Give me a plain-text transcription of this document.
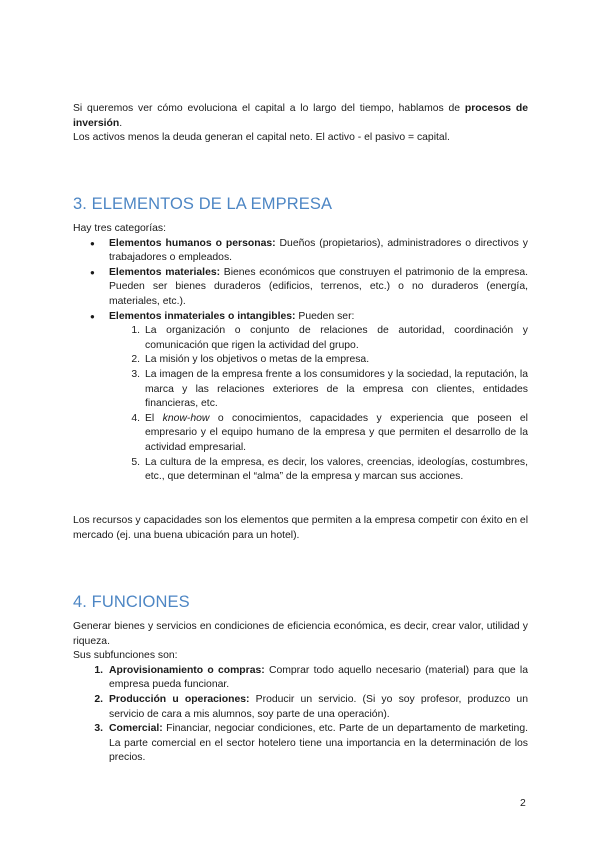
Si queremos ver cómo evoluciona el capital a lo largo del tiempo, hablamos de procesos de inversión.

Los activos menos la deuda generan el capital neto. El activo - el pasivo = capital.

3. ELEMENTOS DE LA EMPRESA

Hay tres categorías:

● Elementos humanos o personas: Dueños (propietarios), administradores o directivos y trabajadores o empleados.
● Elementos materiales: Bienes económicos que construyen el patrimonio de la empresa. Pueden ser bienes duraderos (edificios, terrenos, etc.) o no duraderos (energía, materiales, etc.).
● Elementos inmateriales o intangibles: Pueden ser:
1. La organización o conjunto de relaciones de autoridad, coordinación y comunicación que rigen la actividad del grupo.
2. La misión y los objetivos o metas de la empresa.
3. La imagen de la empresa frente a los consumidores y la sociedad, la reputación, la marca y las relaciones exteriores de la empresa con clientes, entidades financieras, etc.
4. El know-how o conocimientos, capacidades y experiencia que poseen el empresario y el equipo humano de la empresa y que permiten el desarrollo de la actividad empresarial.
5. La cultura de la empresa, es decir, los valores, creencias, ideologías, costumbres, etc., que determinan el “alma” de la empresa y marcan sus acciones.

Los recursos y capacidades son los elementos que permiten a la empresa competir con éxito en el mercado (ej. una buena ubicación para un hotel).

4. FUNCIONES

Generar bienes y servicios en condiciones de eficiencia económica, es decir, crear valor, utilidad y riqueza.

Sus subfunciones son:

1. Aprovisionamiento o compras: Comprar todo aquello necesario (material) para que la empresa pueda funcionar.
2. Producción u operaciones: Producir un servicio. (Si yo soy profesor, produzco un servicio de cara a mis alumnos, soy parte de una operación).
3. Comercial: Financiar, negociar condiciones, etc. Parte de un departamento de marketing. La parte comercial en el sector hotelero tiene una importancia en la determinación de los precios.
2
